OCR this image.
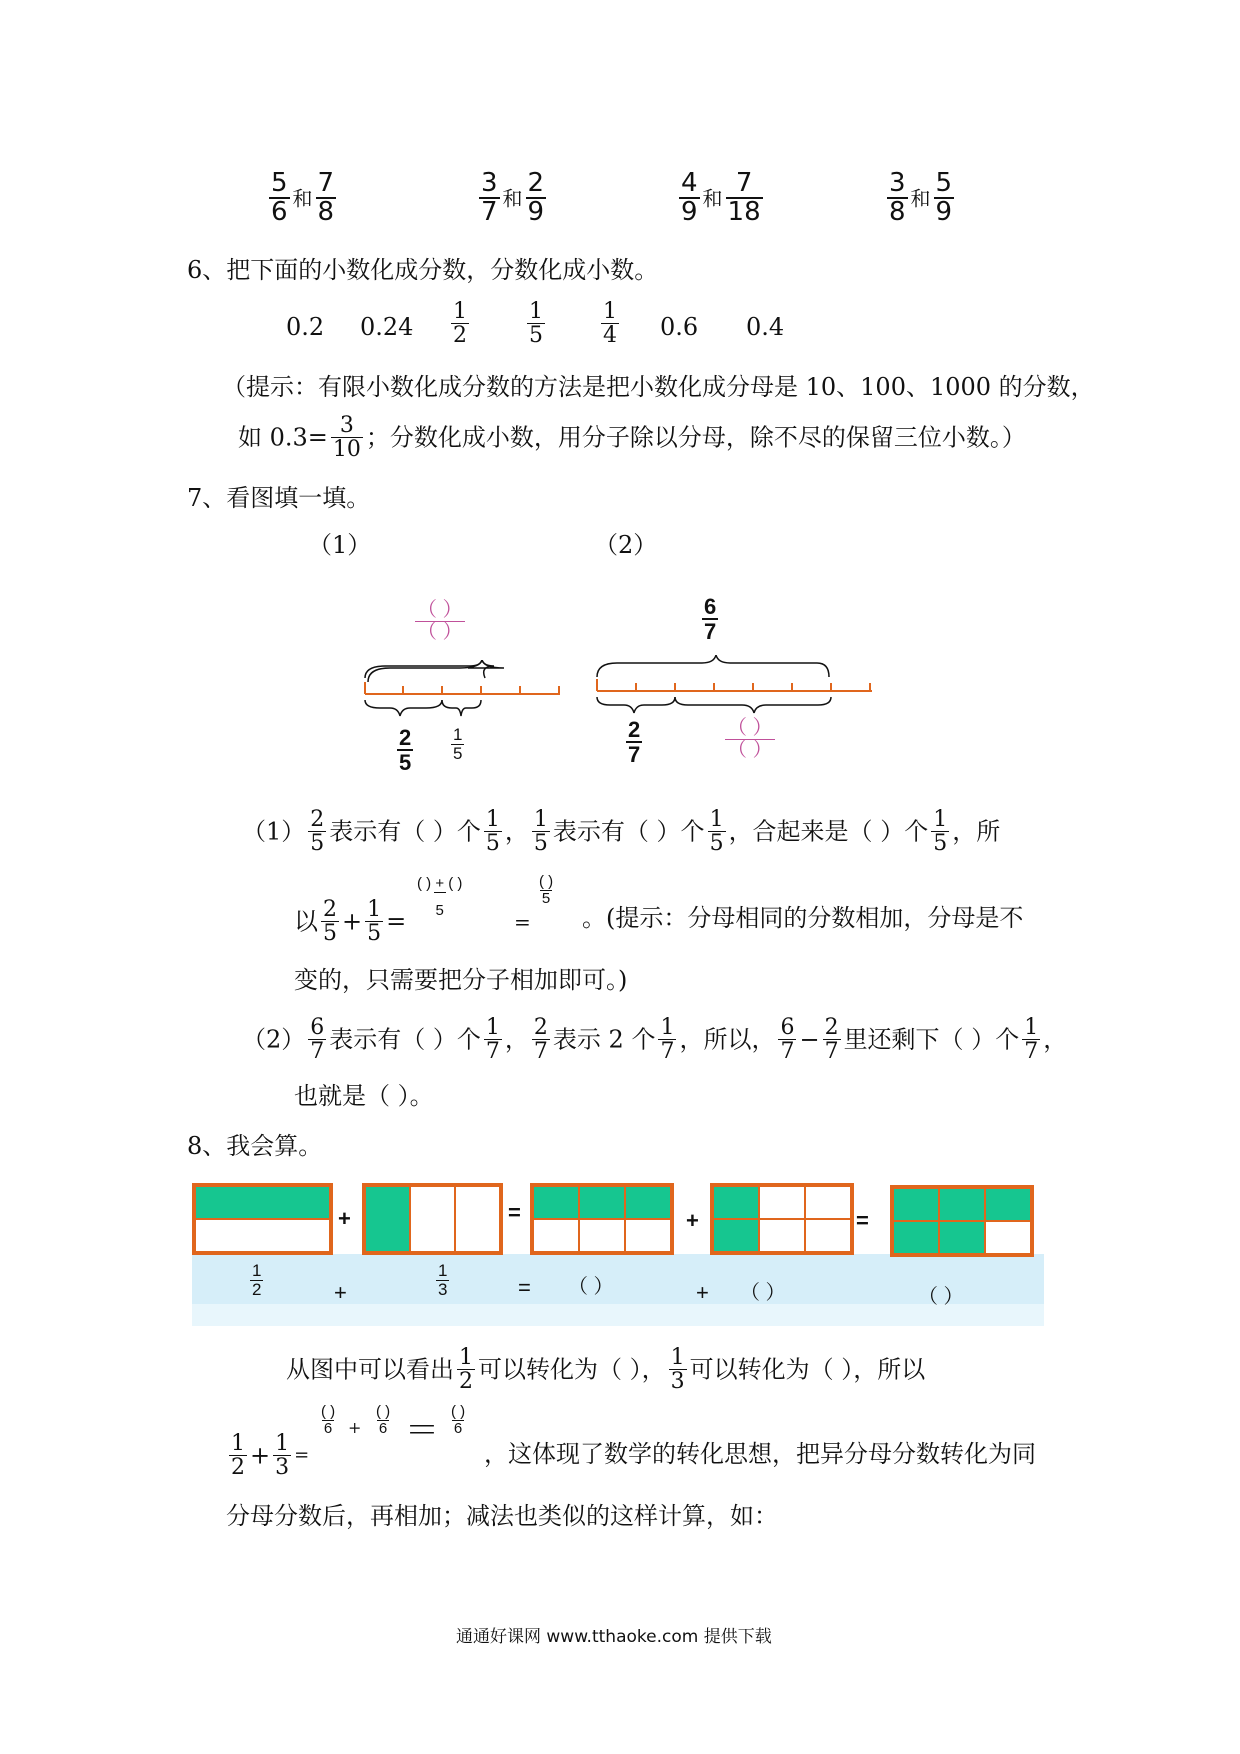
$\frac{5}{6}$ 和 $\frac{7}{8}$	$\frac{3}{7}$ 和 $\frac{2}{9}$	$\frac{4}{9}$ 和 $\frac{7}{18}$	$\frac{3}{8}$ 和 $\frac{5}{9}$
6、把下面的小数化成分数，分数化成小数。
0.2 $0.24 \frac{1}{2}$	$\frac{1}{5}$	$\frac{1}{4} 0.6$ 0.4
（提示：有限小数化成分数的方法是把小数化成分母是 10、100、1000 的分数，
如 $0.3= \frac{3}{10}$ ；分数化成小数，用分子除以分母，除不尽的保留三位小数。）
7、看图填一填。
（1）	（2）
$\frac{( )}{( )}$
$\frac{2}{5} \frac{1}{5}$
$\frac{6}{7}$
$\frac{2}{7}$	$\frac{( )}{( )}$
$(1) \frac{2}{5}$ 表示有（ ）个 $\frac{1}{5}$ ， $\frac{1}{5}$ 表示有（ ）个 $\frac{1}{5}$ ，合起来是（ ）个 $\frac{1}{5}$ ，所
以 $\frac{2}{5} + \frac{1}{5}$ =
$\frac{( ) + ( )}{5}$
=
$\frac{( )}{5}$
。(提示：分母相同的分数相加，分母是不
变的，只需要把分子相加即可。)
$(2) \frac{6}{7}$ 表示有（ ）个 $\frac{1}{7}$ ， $\frac{2}{7}$ 表示 2 个 $\frac{1}{7}$ ，所以， $\frac{6}{7} - \frac{2}{7}$ 里还剩下（ ）个 $\frac{1}{7}$ ，
也就是（ ）。
8、我会算。
+	=	+	=
$\frac{1}{2}$	+	$\frac{1}{3}$	= （ ）	+ （ ）	（ ）
从图中可以看出 $\frac{1}{2}$ 可以转化为（ ）， $\frac{1}{3}$ 可以转化为（ ），所以
$\frac{1}{2} + \frac{1}{3}$ =
$\frac{( )}{6} + \frac{( )}{6} = \frac{( )}{6}$
，这体现了数学的转化思想，把异分母分数转化为同
分母分数后，再相加；减法也类似的这样计算，如：
通通好课网 www.tthaoke.com 提供下载
